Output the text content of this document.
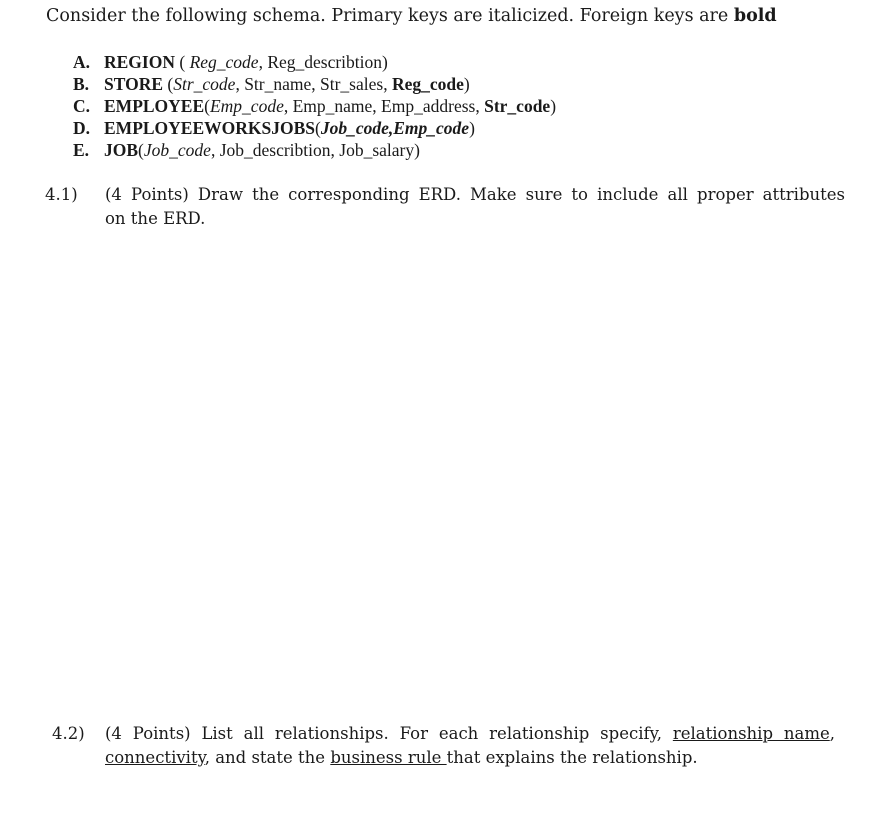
Consider the following schema. Primary keys are italicized. Foreign keys are bold
A. REGION ( Reg_code, Reg_describtion)
B. STORE (Str_code, Str_name, Str_sales, Reg_code)
C. EMPLOYEE(Emp_code, Emp_name, Emp_address, Str_code)
D. EMPLOYEEWORKSJOBS(Job_code,Emp_code)
E. JOB(Job_code, Job_describtion, Job_salary)
4.1) (4 Points) Draw the corresponding ERD. Make sure to include all proper attributes
on the ERD.
4.2) (4 Points) List all relationships. For each relationship specify, relationship name,
connectivity, and state the business rule that explains the relationship.
